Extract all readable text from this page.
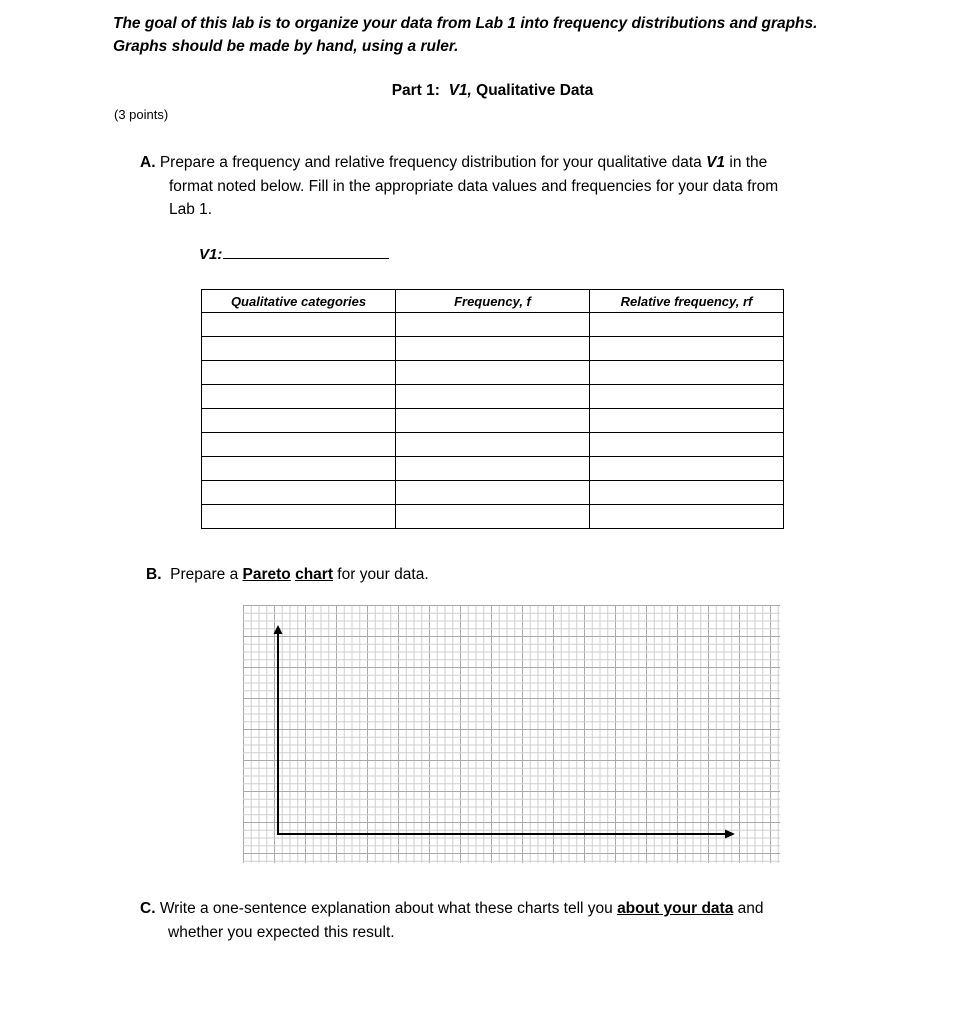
The goal of this lab is to organize your data from Lab 1 into frequency distributions and graphs.
Graphs should be made by hand, using a ruler.
Part 1: V1, Qualitative Data
(3 points)
A. Prepare a frequency and relative frequency distribution for your qualitative data V1 in the
format noted below. Fill in the appropriate data values and frequencies for your data from
Lab 1.
V1:
Qualitative categories	Frequency, f	Relative frequency, rf

B. Prepare a Pareto chart for your data.
C. Write a one-sentence explanation about what these charts tell you about your data and
whether you expected this result.
